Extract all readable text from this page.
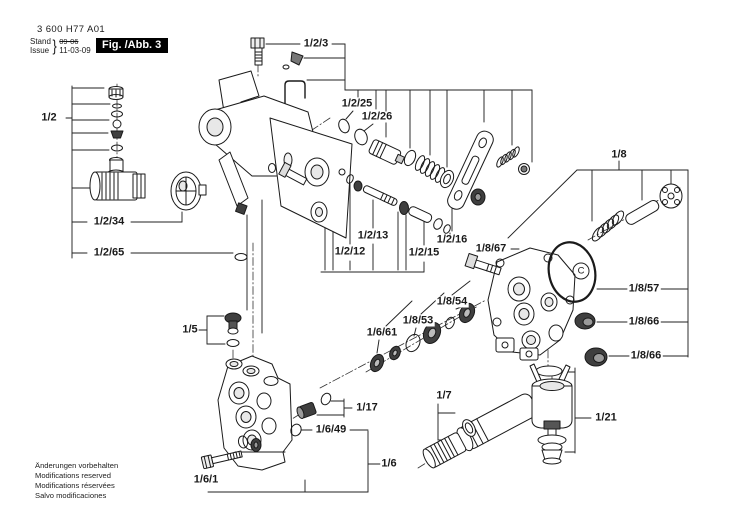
3 600 H77 A01
Stand
Issue } 09-06
11-03-09	Fig. /Abb. 3
1/2
1/2/3
1/2/25
1/2/26
1/2/34
1/2/65
1/2/13
1/2/12
1/2/16
1/2/15
1/8
1/8/67
1/8/57
1/8/66
1/8/66
1/8/54
1/8/53
1/6/61
1/5
1/17
1/6/49
1/7
1/21
1/6
1/6/1
C
Änderungen vorbehalten
Modifications reserved
Modifications réservées
Salvo modificaciones
